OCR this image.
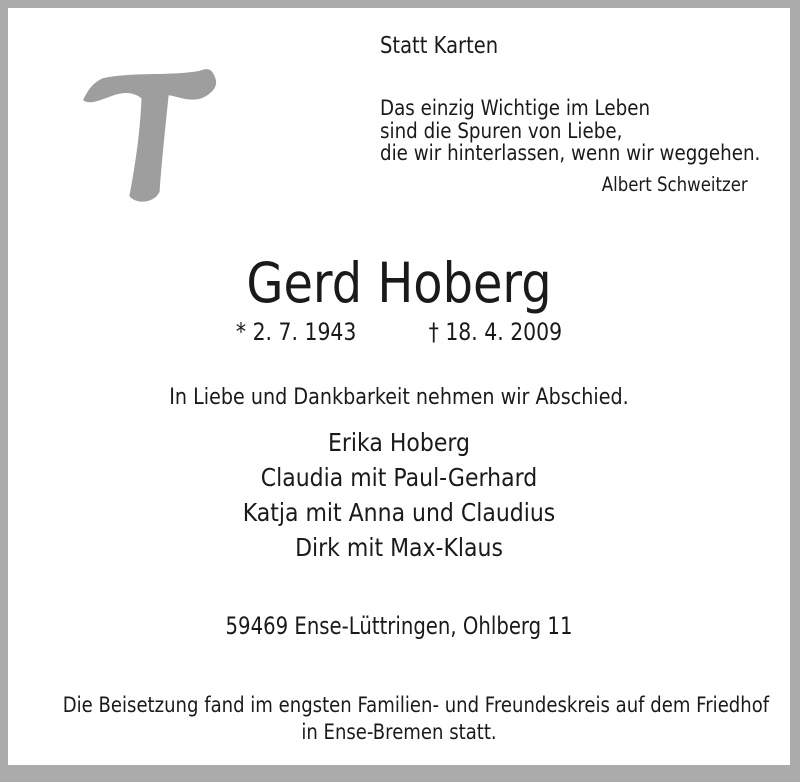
Statt Karten
Das einzig Wichtige im Leben
sind die Spuren von Liebe,
die wir hinterlassen, wenn wir weggehen.
Albert Schweitzer
Gerd Hoberg
* 2. 7. 1943	† 18. 4. 2009
In Liebe und Dankbarkeit nehmen wir Abschied.
Erika Hoberg
Claudia mit Paul-Gerhard
Katja mit Anna und Claudius
Dirk mit Max-Klaus
59469 Ense-Lüttringen, Ohlberg 11
Die Beisetzung fand im engsten Familien- und Freundeskreis auf dem Friedhof
in Ense-Bremen statt.
